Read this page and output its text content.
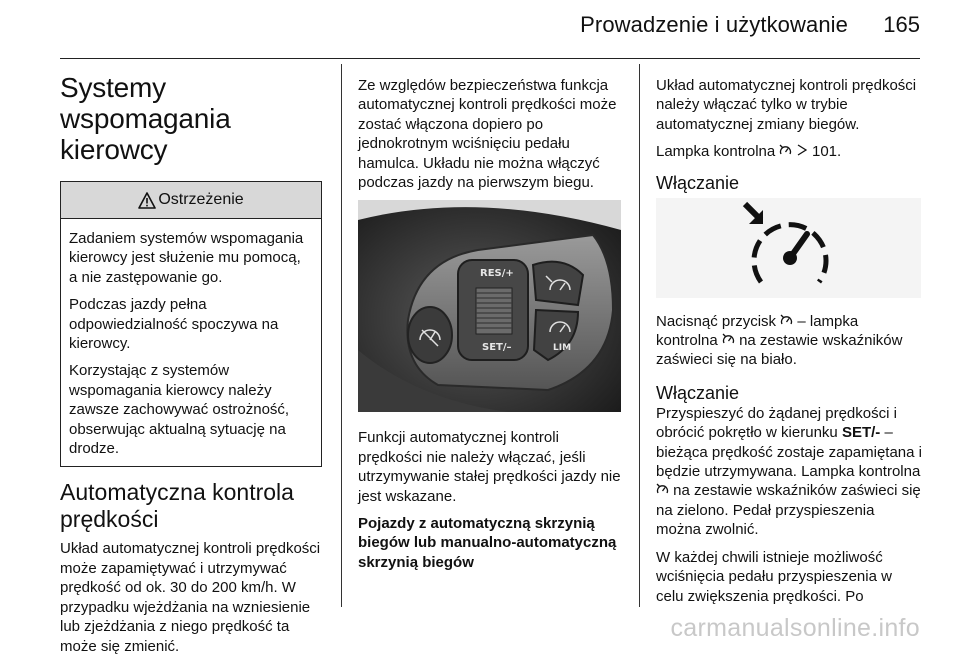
Prowadzenie i użytkowanie 165
Systemy wspomagania kierowcy
Ostrzeżenie

Zadaniem systemów wspomagania kierowcy jest służenie mu pomocą, a nie zastępowanie go.

Podczas jazdy pełna odpowiedzialność spoczywa na kierowcy.

Korzystając z systemów wspomagania kierowcy należy zawsze zachowywać ostrożność, obserwując aktualną sytuację na drodze.

Automatyczna kontrola prędkości

Układ automatycznej kontroli prędkości może zapamiętywać i utrzymywać prędkość od ok. 30 do 200 km/h. W przypadku wjeżdżania na wzniesienie lub zjeżdżania z niego prędkość ta może się zmienić.

Ze względów bezpieczeństwa funkcja automatycznej kontroli prędkości może zostać włączona dopiero po jednokrotnym wciśnięciu pedału hamulca. Układu nie można włączyć podczas jazdy na pierwszym biegu.

RES/+
SET/–	LIM

Funkcji automatycznej kontroli prędkości nie należy włączać, jeśli utrzymywanie stałej prędkości jazdy nie jest wskazane.

Pojazdy z automatyczną skrzynią biegów lub manualno-automatyczną skrzynią biegów

Układ automatycznej kontroli prędkości należy włączać tylko w trybie automatycznej zmiany biegów.

Lampka kontrolna 101.

Włączanie

Nacisnąć przycisk – lampka kontrolna na zestawie wskaźników zaświeci się na biało.

Włączanie

Przyspieszyć do żądanej prędkości i obrócić pokrętło w kierunku SET/- – bieżąca prędkość zostaje zapamiętana i będzie utrzymywana. Lampka kontrolna  na zestawie wskaźników zaświeci się na zielono. Pedał przyspieszenia można zwolnić.

W każdej chwili istnieje możliwość wciśnięcia pedału przyspieszenia w celu zwiększenia prędkości. Po

carmanualsonline.info
